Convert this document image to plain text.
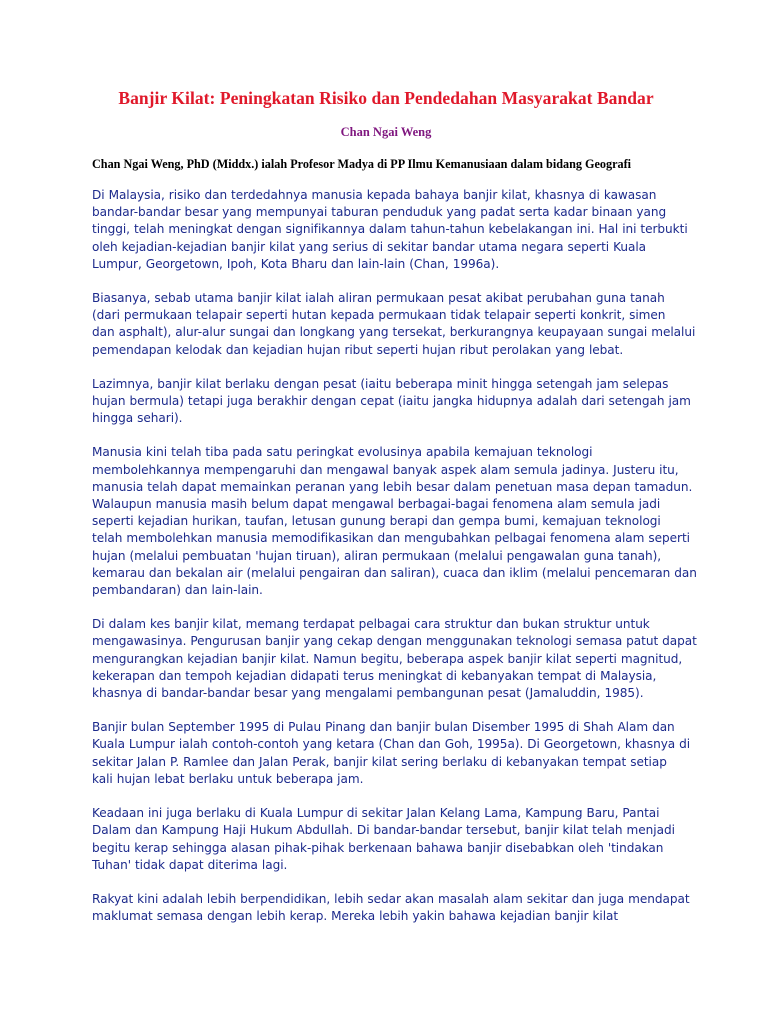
Banjir Kilat: Peningkatan Risiko dan Pendedahan Masyarakat Bandar
Chan Ngai Weng
Chan Ngai Weng, PhD (Middx.) ialah Profesor Madya di PP Ilmu Kemanusiaan dalam bidang Geografi

Di Malaysia, risiko dan terdedahnya manusia kepada bahaya banjir kilat, khasnya di kawasan
bandar-bandar besar yang mempunyai taburan penduduk yang padat serta kadar binaan yang
tinggi, telah meningkat dengan signifikannya dalam tahun-tahun kebelakangan ini. Hal ini terbukti
oleh kejadian-kejadian banjir kilat yang serius di sekitar bandar utama negara seperti Kuala
Lumpur, Georgetown, Ipoh, Kota Bharu dan lain-lain (Chan, 1996a).

Biasanya, sebab utama banjir kilat ialah aliran permukaan pesat akibat perubahan guna tanah
(dari permukaan telapair seperti hutan kepada permukaan tidak telapair seperti konkrit, simen
dan asphalt), alur-alur sungai dan longkang yang tersekat, berkurangnya keupayaan sungai melalui
pemendapan kelodak dan kejadian hujan ribut seperti hujan ribut perolakan yang lebat.

Lazimnya, banjir kilat berlaku dengan pesat (iaitu beberapa minit hingga setengah jam selepas
hujan bermula) tetapi juga berakhir dengan cepat (iaitu jangka hidupnya adalah dari setengah jam
hingga sehari).

Manusia kini telah tiba pada satu peringkat evolusinya apabila kemajuan teknologi
membolehkannya mempengaruhi dan mengawal banyak aspek alam semula jadinya. Justeru itu,
manusia telah dapat memainkan peranan yang lebih besar dalam penetuan masa depan tamadun.
Walaupun manusia masih belum dapat mengawal berbagai-bagai fenomena alam semula jadi
seperti kejadian hurikan, taufan, letusan gunung berapi dan gempa bumi, kemajuan teknologi
telah membolehkan manusia memodifikasikan dan mengubahkan pelbagai fenomena alam seperti
hujan (melalui pembuatan 'hujan tiruan), aliran permukaan (melalui pengawalan guna tanah),
kemarau dan bekalan air (melalui pengairan dan saliran), cuaca dan iklim (melalui pencemaran dan
pembandaran) dan lain-lain.

Di dalam kes banjir kilat, memang terdapat pelbagai cara struktur dan bukan struktur untuk
mengawasinya. Pengurusan banjir yang cekap dengan menggunakan teknologi semasa patut dapat
mengurangkan kejadian banjir kilat. Namun begitu, beberapa aspek banjir kilat seperti magnitud,
kekerapan dan tempoh kejadian didapati terus meningkat di kebanyakan tempat di Malaysia,
khasnya di bandar-bandar besar yang mengalami pembangunan pesat (Jamaluddin, 1985).

Banjir bulan September 1995 di Pulau Pinang dan banjir bulan Disember 1995 di Shah Alam dan
Kuala Lumpur ialah contoh-contoh yang ketara (Chan dan Goh, 1995a). Di Georgetown, khasnya di
sekitar Jalan P. Ramlee dan Jalan Perak, banjir kilat sering berlaku di kebanyakan tempat setiap
kali hujan lebat berlaku untuk beberapa jam.

Keadaan ini juga berlaku di Kuala Lumpur di sekitar Jalan Kelang Lama, Kampung Baru, Pantai
Dalam dan Kampung Haji Hukum Abdullah. Di bandar-bandar tersebut, banjir kilat telah menjadi
begitu kerap sehingga alasan pihak-pihak berkenaan bahawa banjir disebabkan oleh 'tindakan
Tuhan' tidak dapat diterima lagi.

Rakyat kini adalah lebih berpendidikan, lebih sedar akan masalah alam sekitar dan juga mendapat
maklumat semasa dengan lebih kerap. Mereka lebih yakin bahawa kejadian banjir kilat
